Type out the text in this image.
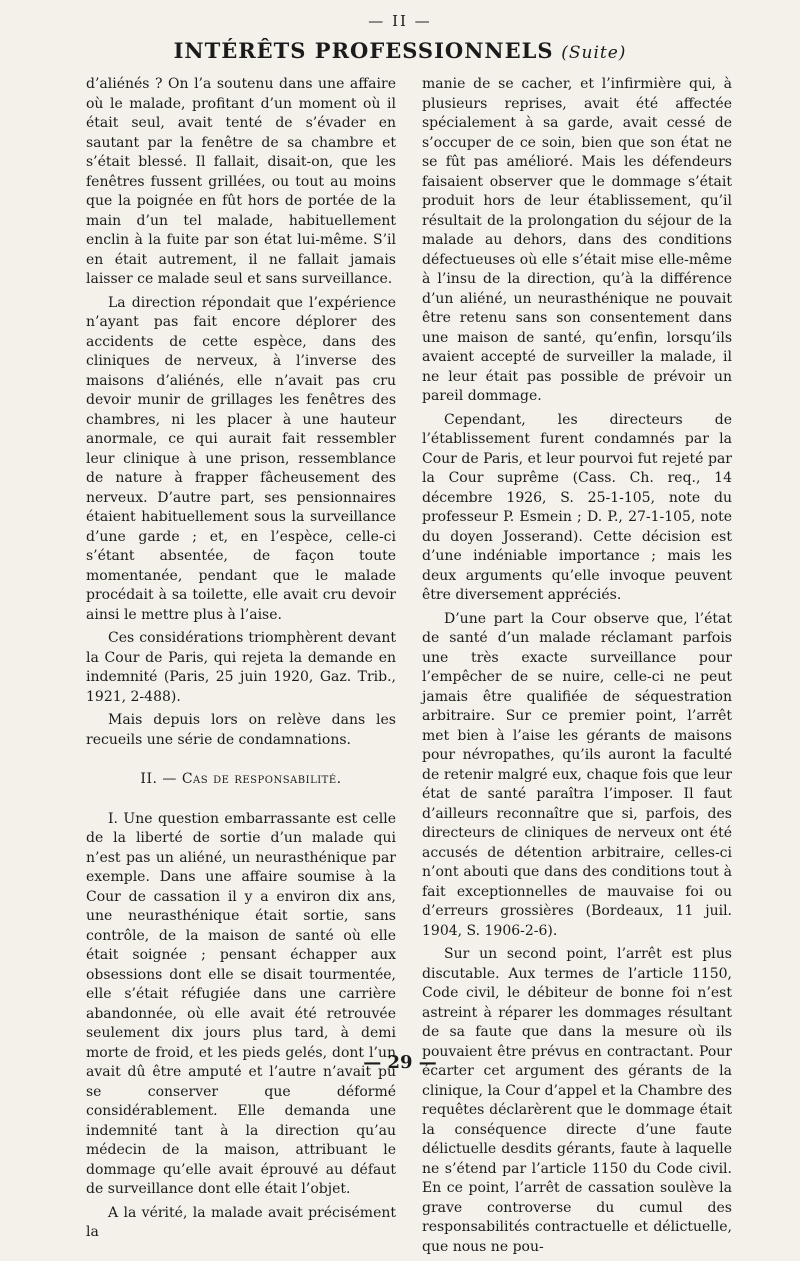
— II —
INTÉRÊTS PROFESSIONNELS (Suite)

d’aliénés ? On l’a soutenu dans une affaire où le malade, profitant d’un moment où il était seul, avait tenté de s’évader en sautant par la fenêtre de sa chambre et s’était blessé. Il fallait, disait-on, que les fenêtres fussent grillées, ou tout au moins que la poignée en fût hors de portée de la main d’un tel malade, habituellement enclin à la fuite par son état lui-même. S’il en était autrement, il ne fallait jamais laisser ce malade seul et sans surveillance.

La direction répondait que l’expérience n’ayant pas fait encore déplorer des accidents de cette espèce, dans des cliniques de nerveux, à l’inverse des maisons d’aliénés, elle n’avait pas cru devoir munir de grillages les fenêtres des chambres, ni les placer à une hauteur anormale, ce qui aurait fait ressembler leur clinique à une prison, ressemblance de nature à frapper fâcheusement des nerveux. D’autre part, ses pensionnaires étaient habituellement sous la surveillance d’une garde ; et, en l’espèce, celle-ci s’étant absentée, de façon toute momentanée, pendant que le malade procédait à sa toilette, elle avait cru devoir ainsi le mettre plus à l’aise.

Ces considérations triomphèrent devant la Cour de Paris, qui rejeta la demande en indemnité (Paris, 25 juin 1920, Gaz. Trib., 1921, 2-488).

Mais depuis lors on relève dans les recueils une série de condamnations.

II. — Cas de responsabilité.

I. Une question embarrassante est celle de la liberté de sortie d’un malade qui n’est pas un aliéné, un neurasthénique par exemple. Dans une affaire soumise à la Cour de cassation il y a environ dix ans, une neurasthénique était sortie, sans contrôle, de la maison de santé où elle était soignée ; pensant échapper aux obsessions dont elle se disait tourmentée, elle s’était réfugiée dans une carrière abandonnée, où elle avait été retrouvée seulement dix jours plus tard, à demi morte de froid, et les pieds gelés, dont l’un avait dû être amputé et l’autre n’avait pu se conserver que déformé considérablement. Elle demanda une indemnité tant à la direction qu’au médecin de la maison, attribuant le dommage qu’elle avait éprouvé au défaut de surveillance dont elle était l’objet.

A la vérité, la malade avait précisément la

manie de se cacher, et l’infirmière qui, à plusieurs reprises, avait été affectée spécialement à sa garde, avait cessé de s’occuper de ce soin, bien que son état ne se fût pas amélioré. Mais les défendeurs faisaient observer que le dommage s’était produit hors de leur établissement, qu’il résultait de la prolongation du séjour de la malade au dehors, dans des conditions défectueuses où elle s’était mise elle-même à l’insu de la direction, qu’à la différence d’un aliéné, un neurasthénique ne pouvait être retenu sans son consentement dans une maison de santé, qu’enfin, lorsqu’ils avaient accepté de surveiller la malade, il ne leur était pas possible de prévoir un pareil dommage.

Cependant, les directeurs de l’établissement furent condamnés par la Cour de Paris, et leur pourvoi fut rejeté par la Cour suprême (Cass. Ch. req., 14 décembre 1926, S. 25-1-105, note du professeur P. Esmein ; D. P., 27-1-105, note du doyen Josserand). Cette décision est d’une indéniable importance ; mais les deux arguments qu’elle invoque peuvent être diversement appréciés.

D’une part la Cour observe que, l’état de santé d’un malade réclamant parfois une très exacte surveillance pour l’empêcher de se nuire, celle-ci ne peut jamais être qualifiée de séquestration arbitraire. Sur ce premier point, l’arrêt met bien à l’aise les gérants de maisons pour névropathes, qu’ils auront la faculté de retenir malgré eux, chaque fois que leur état de santé paraîtra l’imposer. Il faut d’ailleurs reconnaître que si, parfois, des directeurs de cliniques de nerveux ont été accusés de détention arbitraire, celles-ci n’ont abouti que dans des conditions tout à fait exceptionnelles de mauvaise foi ou d’erreurs grossières (Bordeaux, 11 juil. 1904, S. 1906-2-6).

Sur un second point, l’arrêt est plus discutable. Aux termes de l’article 1150, Code civil, le débiteur de bonne foi n’est astreint à réparer les dommages résultant de sa faute que dans la mesure où ils pouvaient être prévus en contractant. Pour écarter cet argument des gérants de la clinique, la Cour d’appel et la Chambre des requêtes déclarèrent que le dommage était la conséquence directe d’une faute délictuelle desdits gérants, faute à laquelle ne s’étend par l’article 1150 du Code civil. En ce point, l’arrêt de cassation soulève la grave controverse du cumul des responsabilités contractuelle et délictuelle, que nous ne pou-

— 29 —
